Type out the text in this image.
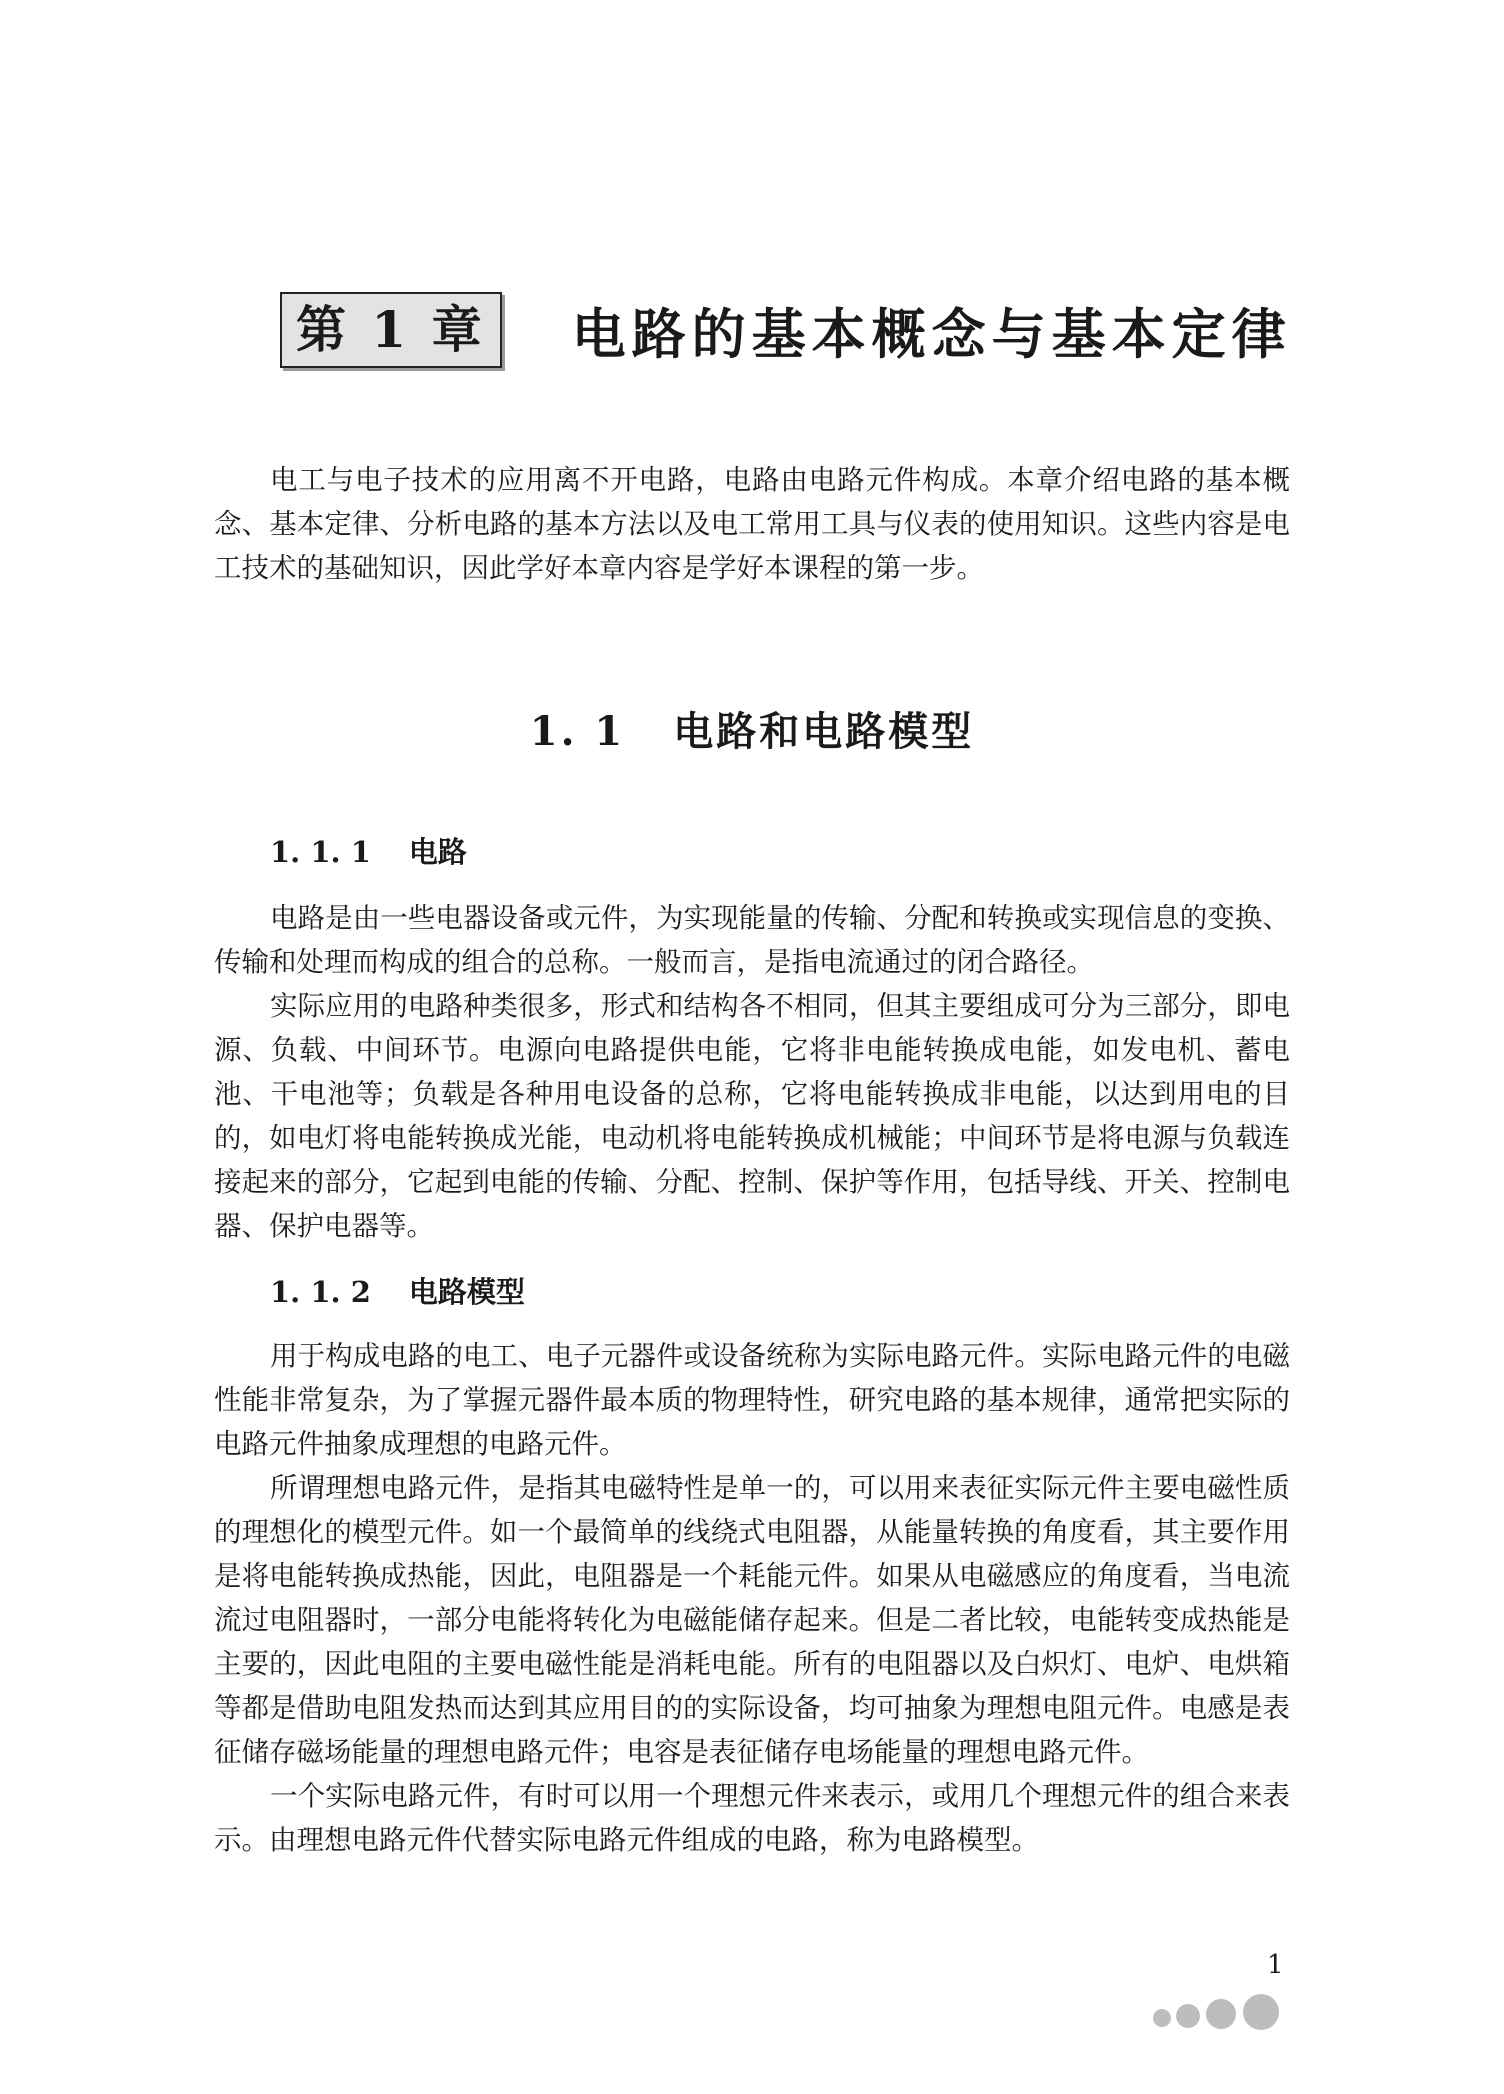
第 1 章 电路的基本概念与基本定律

电工与电子技术的应用离不开电路，电路由电路元件构成。本章介绍电路的基本概念、基本定律、分析电路的基本方法以及电工常用工具与仪表的使用知识。这些内容是电工技术的基础知识，因此学好本章内容是学好本课程的第一步。

1. 1 电路和电路模型
1. 1. 1 电路

电路是由一些电器设备或元件，为实现能量的传输、分配和转换或实现信息的变换、传输和处理而构成的组合的总称。一般而言，是指电流通过的闭合路径。

实际应用的电路种类很多，形式和结构各不相同，但其主要组成可分为三部分，即电源、负载、中间环节。电源向电路提供电能，它将非电能转换成电能，如发电机、蓄电池、干电池等；负载是各种用电设备的总称，它将电能转换成非电能，以达到用电的目的，如电灯将电能转换成光能，电动机将电能转换成机械能；中间环节是将电源与负载连接起来的部分，它起到电能的传输、分配、控制、保护等作用，包括导线、开关、控制电器、保护电器等。

1. 1. 2 电路模型

用于构成电路的电工、电子元器件或设备统称为实际电路元件。实际电路元件的电磁性能非常复杂，为了掌握元器件最本质的物理特性，研究电路的基本规律，通常把实际的电路元件抽象成理想的电路元件。

所谓理想电路元件，是指其电磁特性是单一的，可以用来表征实际元件主要电磁性质的理想化的模型元件。如一个最简单的线绕式电阻器，从能量转换的角度看，其主要作用是将电能转换成热能，因此，电阻器是一个耗能元件。如果从电磁感应的角度看，当电流流过电阻器时，一部分电能将转化为电磁能储存起来。但是二者比较，电能转变成热能是主要的，因此电阻的主要电磁性能是消耗电能。所有的电阻器以及白炽灯、电炉、电烘箱等都是借助电阻发热而达到其应用目的的实际设备，均可抽象为理想电阻元件。电感是表征储存磁场能量的理想电路元件；电容是表征储存电场能量的理想电路元件。

一个实际电路元件，有时可以用一个理想元件来表示，或用几个理想元件的组合来表示。由理想电路元件代替实际电路元件组成的电路，称为电路模型。

1
